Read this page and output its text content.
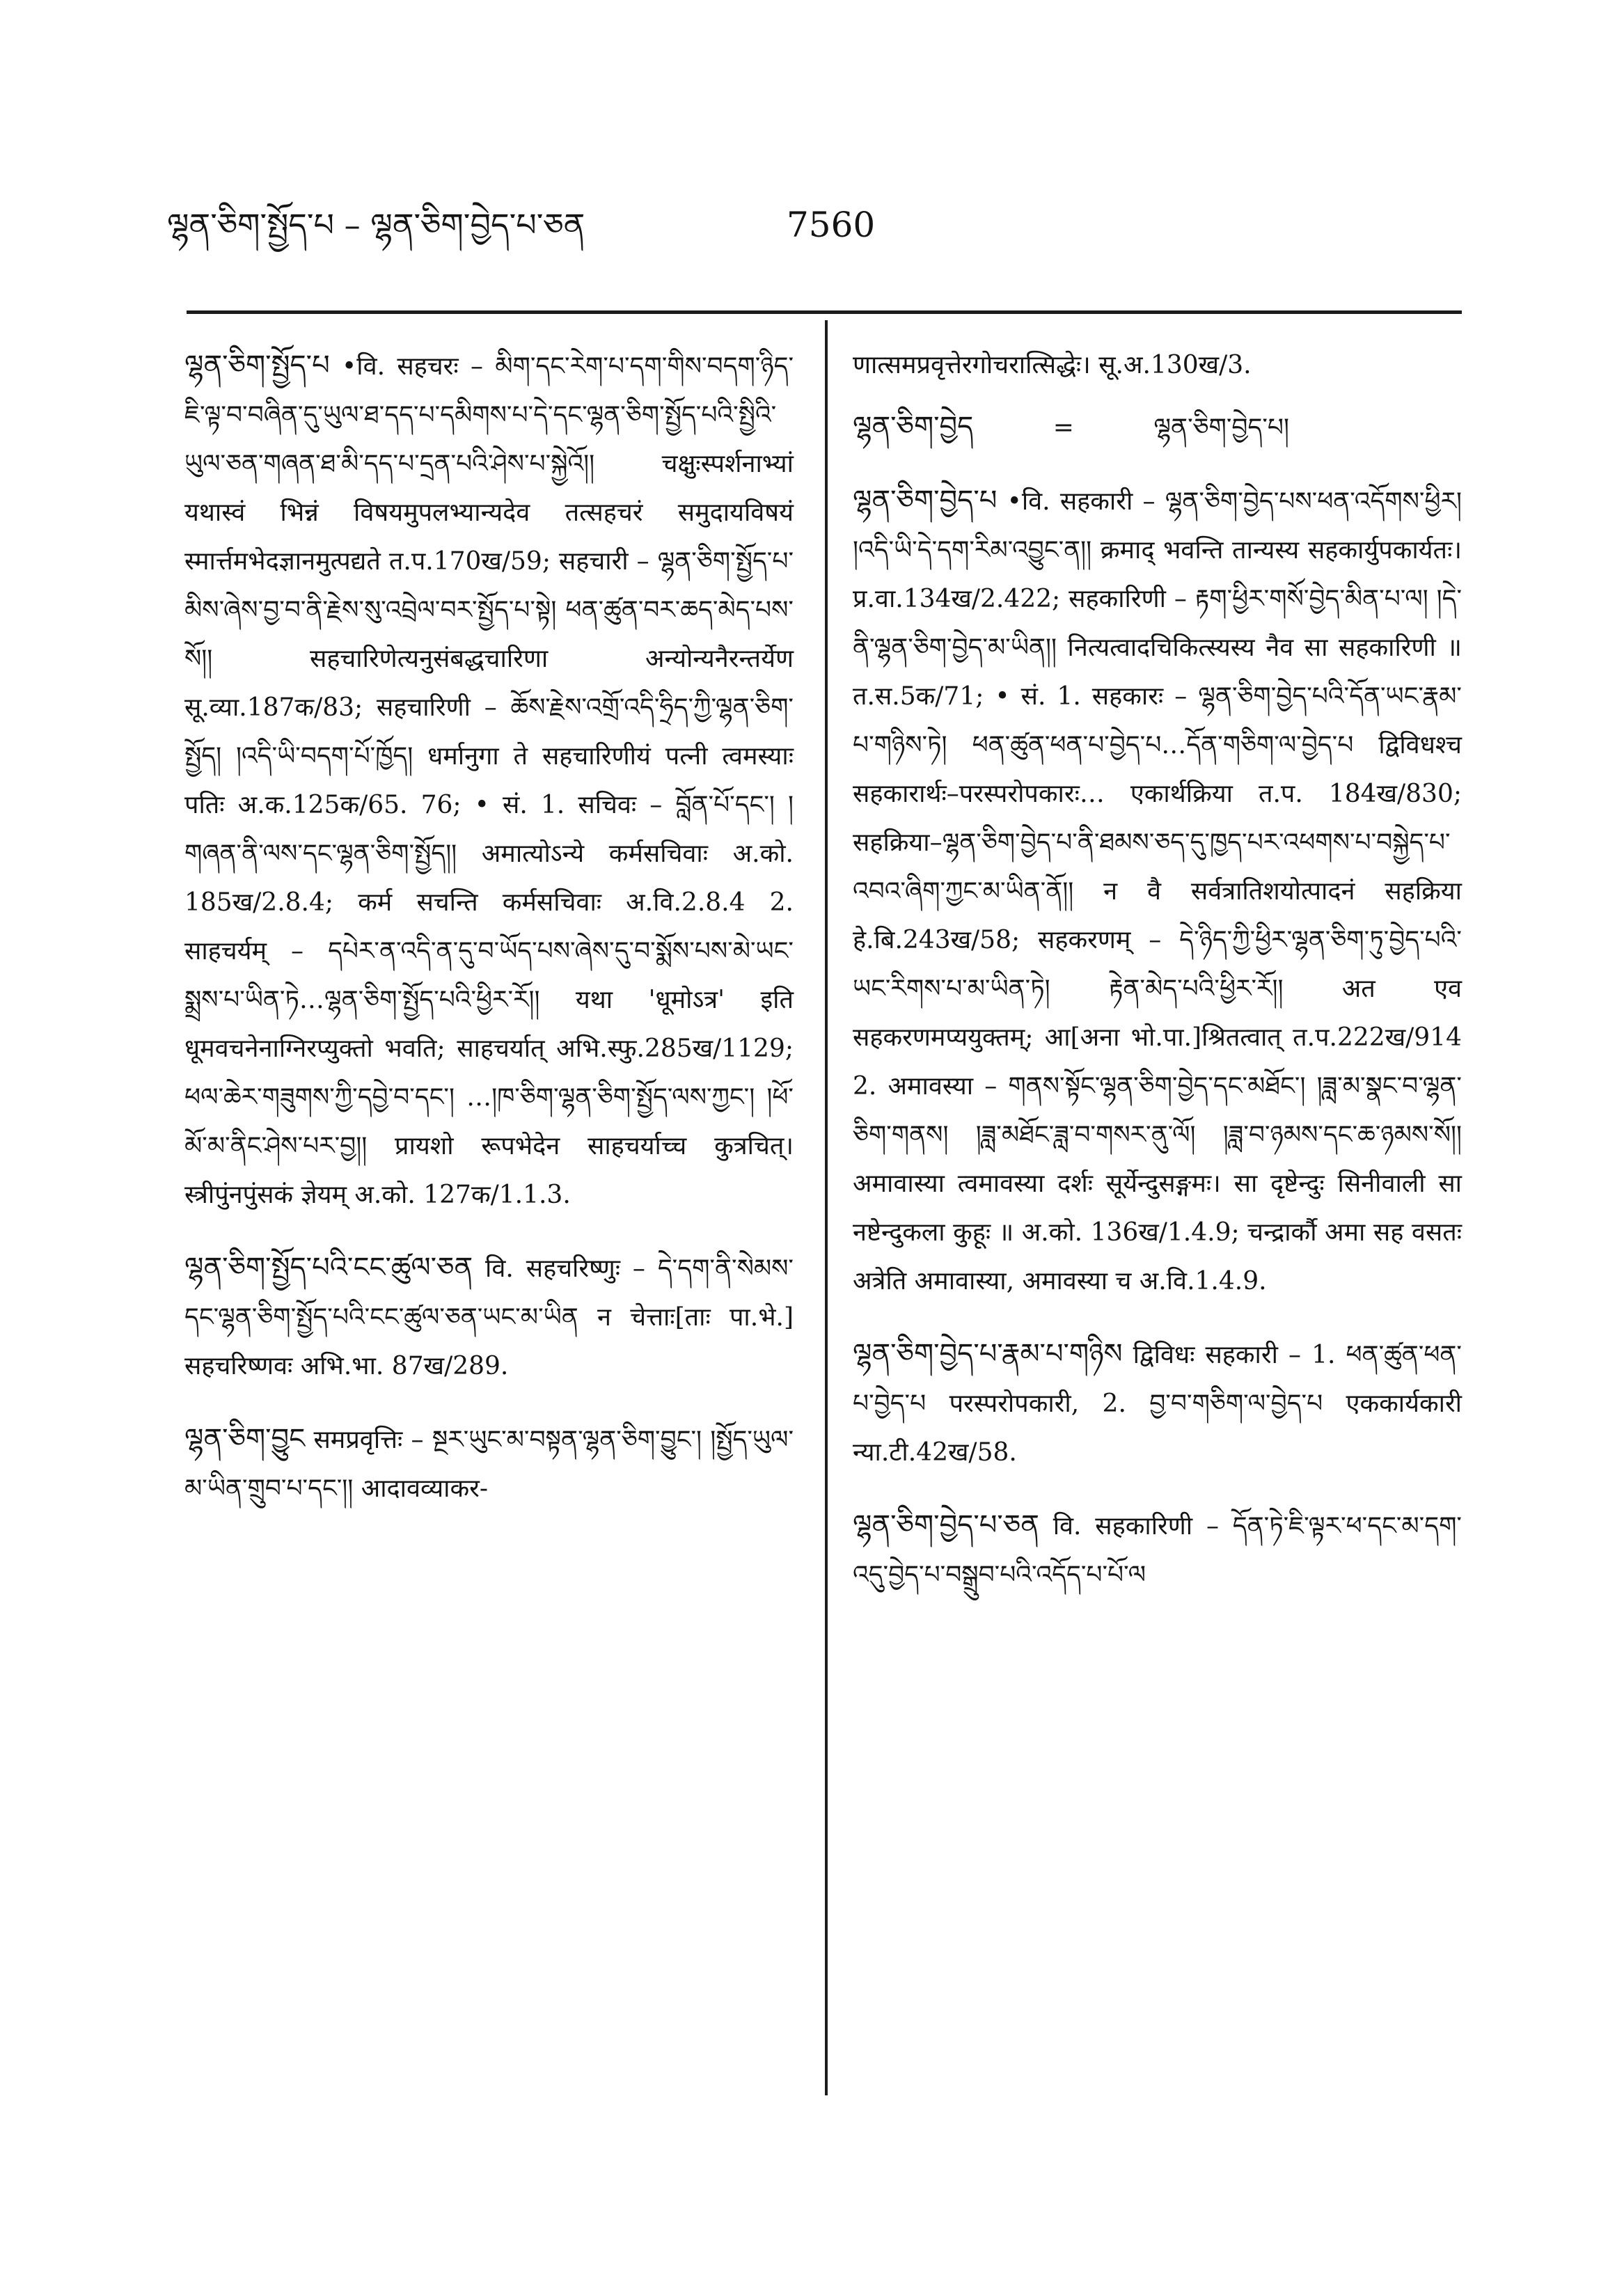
ལྷན་ཅིག་སྤྱོད་པ – ལྷན་ཅིག་བྱེད་པ་ཅན	7560
ལྷན་ཅིག་སྤྱོད་པ •वि. सहचरः – མིག་དང་རེག་པ་དག་གིས་བདག་ཉིད་ཇི་ལྟ་བ་བཞིན་དུ་ཡུལ་ཐ་དད་པ་དམིགས་པ་དེ་དང་ལྷན་ཅིག་སྤྱོད་པའི་སྤྱིའི་ཡུལ་ཅན་གཞན་ཐ་མི་དད་པ་དྲན་པའི་ཤེས་པ་སྐྱེའོ།། चक्षुःस्पर्शनाभ्यां यथास्वं भिन्नं विषयमुपलभ्यान्यदेव तत्सहचरं समुदायविषयं स्मार्त्तमभेदज्ञानमुत्पद्यते त.प.170ख/59; सहचारी – ལྷན་ཅིག་སྤྱོད་པ་མིས་ཞེས་བྱ་བ་ནི་རྗེས་སུ་འབྲེལ་བར་སྤྱོད་པ་སྟེ། ཕན་ཚུན་བར་ཆད་མེད་པས་སོ།། सहचारिणेत्यनुसंबद्धचारिणा अन्योन्यनैरन्तर्येण सू.व्या.187क/83; सहचारिणी – ཆོས་རྗེས་འགྲོ་འདི་ཧྲིད་ཀྱི་ལྷན་ཅིག་སྤྱོད། །འདི་ཡི་བདག་པོ་ཁྱོད། धर्मानुगा ते सहचारिणीयं पत्नी त्वमस्याः पतिः अ.क.125क/65. 76; • सं. 1. सचिवः – བློན་པོ་དང་། །གཞན་ནི་ལས་དང་ལྷན་ཅིག་སྤྱོད།། अमात्योऽन्ये कर्मसचिवाः अ.को. 185ख/2.8.4; कर्म सचन्ति कर्मसचिवाः अ.वि.2.8.4 2. साहचर्यम् – དཔེར་ན་འདི་ན་དུ་བ་ཡོད་པས་ཞེས་དུ་བ་སྨོས་པས་མེ་ཡང་སྨྲས་པ་ཡིན་ཏེ…ལྷན་ཅིག་སྤྱོད་པའི་ཕྱིར་རོ།། यथा 'धूमोऽत्र' इति धूमवचनेनाग्निरप्युक्तो भवति; साहचर्यात् अभि.स्फु.285ख/1129; ཕལ་ཆེར་གཟུགས་ཀྱི་དབྱེ་བ་དང་། …།ཁ་ཅིག་ལྷན་ཅིག་སྤྱོད་ལས་ཀྱང་། །ཕོ་མོ་མ་ནིང་ཤེས་པར་བྱ།། प्रायशो रूपभेदेन साहचर्याच्च कुत्रचित्। स्त्रीपुंनपुंसकं ज्ञेयम् अ.को. 127क/1.1.3.
ལྷན་ཅིག་སྤྱོད་པའི་ངང་ཚུལ་ཅན वि. सहचरिष्णुः – དེ་དག་ནི་སེམས་དང་ལྷན་ཅིག་སྤྱོད་པའི་ངང་ཚུལ་ཅན་ཡང་མ་ཡིན न चेत्ताः[ताः पा.भे.] सहचरिष्णवः अभि.भा. 87ख/289.
ལྷན་ཅིག་བྱུང समप्रवृत्तिः – སྔར་ཡུང་མ་བསྟན་ལྷན་ཅིག་བྱུང་། །སྤྱོད་ཡུལ་མ་ཡིན་གྲུབ་པ་དང་།། आदावव्याकर-
णात्समप्रवृत्तेरगोचरात्सिद्धेः। सू.अ.130ख/3.
ལྷན་ཅིག་བྱེད          =          ལྷན་ཅིག་བྱེད་པ།
ལྷན་ཅིག་བྱེད་པ •वि. सहकारी – ལྷན་ཅིག་བྱེད་པས་ཕན་འདོགས་ཕྱིར། །འདི་ཡི་དེ་དག་རིམ་འབྱུང་ན།། क्रमाद् भवन्ति तान्यस्य सहकार्युपकार्यतः। प्र.वा.134ख/2.422; सहकारिणी – རྟག་ཕྱིར་གསོ་བྱེད་མིན་པ་ལ། །དེ་ནི་ལྷན་ཅིག་བྱེད་མ་ཡིན།། नित्यत्वादचिकित्स्यस्य नैव सा सहकारिणी ॥ त.स.5क/71; • सं. 1. सहकारः – ལྷན་ཅིག་བྱེད་པའི་དོན་ཡང་རྣམ་པ་གཉིས་ཏེ། ཕན་ཚུན་ཕན་པ་བྱེད་པ…དོན་གཅིག་ལ་བྱེད་པ द्विविधश्च सहकारार्थः–परस्परोपकारः… एकार्थक्रिया त.प. 184ख/830; सहक्रिया–ལྷན་ཅིག་བྱེད་པ་ནི་ཐམས་ཅད་དུ་ཁྱད་པར་འཕགས་པ་བསྐྱེད་པ་འབའ་ཞིག་ཀྱང་མ་ཡིན་ནོ།། न वै सर्वत्रातिशयोत्पादनं सहक्रिया हे.बि.243ख/58; सहकरणम् – དེ་ཉིད་ཀྱི་ཕྱིར་ལྷན་ཅིག་ཏུ་བྱེད་པའི་ཡང་རིགས་པ་མ་ཡིན་ཏེ། རྟེན་མེད་པའི་ཕྱིར་རོ།། अत एव सहकरणमप्ययुक्तम्; आ[अना भो.पा.]श्रितत्वात् त.प.222ख/914 2. अमावस्या – གནས་སྟོང་ལྷན་ཅིག་བྱེད་དང་མཐོང་། །ཟླ་མ་སྣང་བ་ལྷན་ཅིག་གནས། །ཟླ་མཐོང་ཟླ་བ་གསར་ནུ་ལོ། །ཟླ་བ་ཉམས་དང་ཆ་ཉམས་སོ།། अमावास्या त्वमावस्या दर्शः सूर्येन्दुसङ्गमः। सा दृष्टेन्दुः सिनीवाली सा नष्टेन्दुकला कुहूः ॥ अ.को. 136ख/1.4.9; चन्द्रार्कौ अमा सह वसतः अत्रेति अमावास्या, अमावस्या च अ.वि.1.4.9.
ལྷན་ཅིག་བྱེད་པ་རྣམ་པ་གཉིས द्विविधः सहकारी – 1. ཕན་ཚུན་ཕན་པ་བྱེད་པ परस्परोपकारी, 2. བྱ་བ་གཅིག་ལ་བྱེད་པ एककार्यकारी न्या.टी.42ख/58.
ལྷན་ཅིག་བྱེད་པ་ཅན वि. सहकारिणी – དོན་ཏེ་ཇི་ལྟར་ཕ་དང་མ་དག་འདུ་བྱེད་པ་བསྒྲུབ་པའི་འདོད་པ་པོ་ལ
